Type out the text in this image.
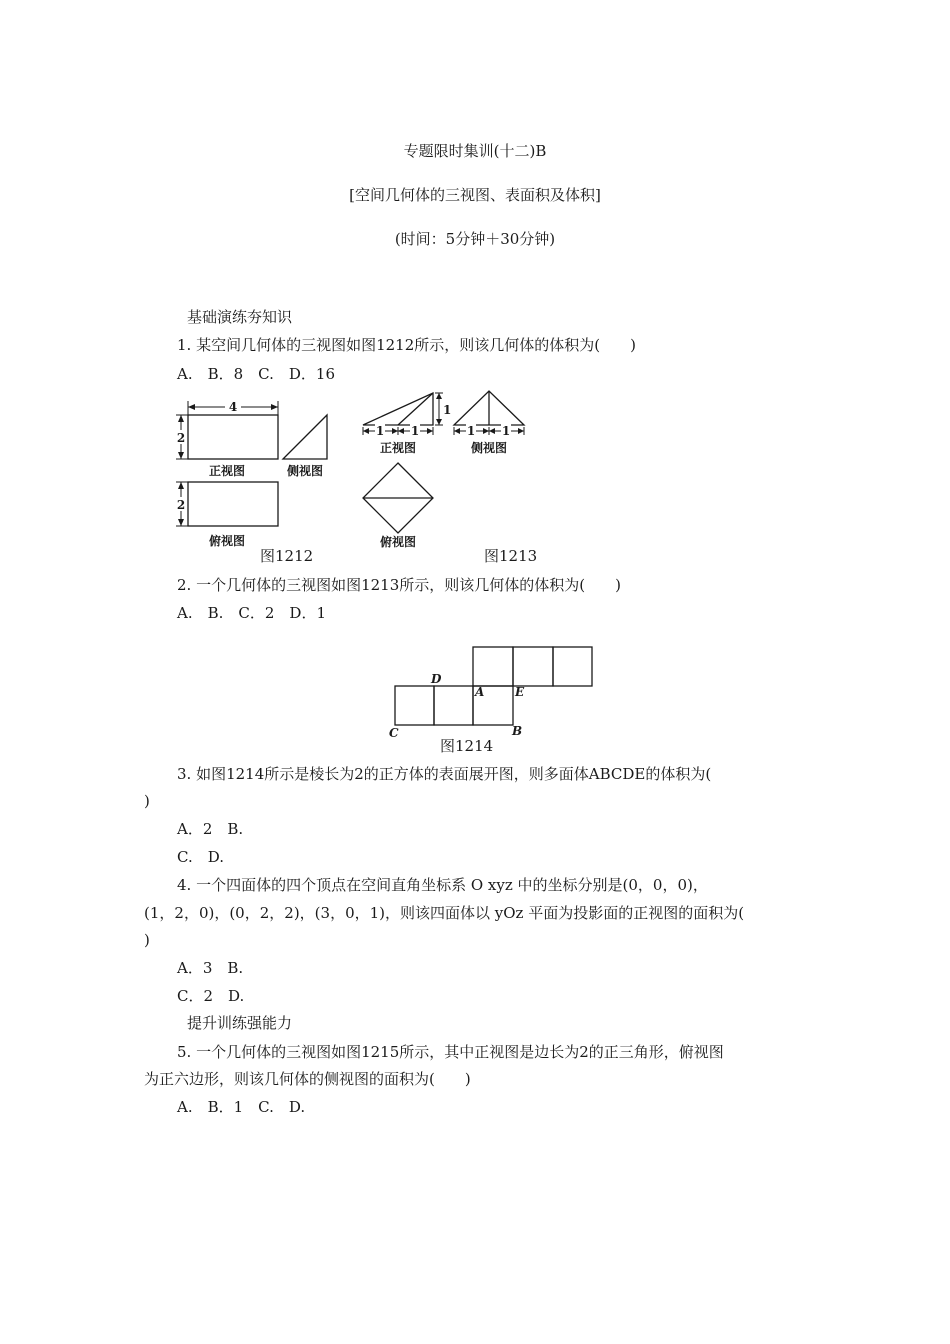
专题限时集训(十二)B
[空间几何体的三视图、表面积及体积]
(时间：5分钟＋30分钟)
基础演练夯知识
1. 某空间几何体的三视图如图1212所示，则该几何体的体积为(　　)
A.　B．8　C.　D．16
4
2
正视图	侧视图
2
俯视图
图1212
1
1 1
正视图
1 1
侧视图
俯视图
图1213
2. 一个几何体的三视图如图1213所示，则该几何体的体积为(　　)
A.　B.　C．2　D．1
D
A	E
B
C
图1214
3. 如图1214所示是棱长为2的正方体的表面展开图，则多面体ABCDE的体积为(
)
A．2　B.
C.　D.
4. 一个四面体的四个顶点在空间直角坐标系 O xyz 中的坐标分别是(0，0，0)，
(1，2，0)，(0，2，2)，(3，0，1)，则该四面体以 yOz 平面为投影面的正视图的面积为(
)
A．3　B.
C．2　D.
提升训练强能力
5. 一个几何体的三视图如图1215所示，其中正视图是边长为2的正三角形，俯视图
为正六边形，则该几何体的侧视图的面积为(　　)
A.　B．1　C.　D.
